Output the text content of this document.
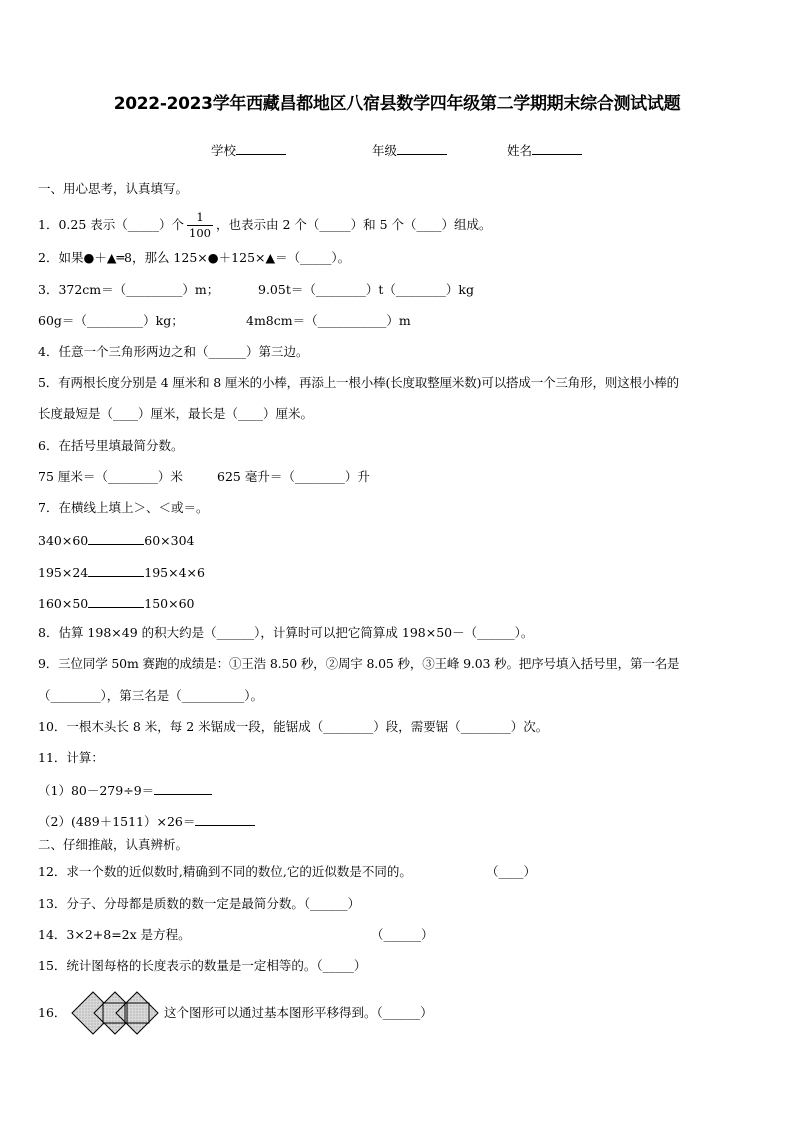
2022-2023学年西藏昌都地区八宿县数学四年级第二学期期末综合测试试题
学校	年级	姓名
一、用心思考，认真填写。
1．0.25 表示（_____）个 $\frac{1}{100}$ ，也表示由 2 个（_____）和 5 个（____）组成。
2．如果●＋▲═8，那么 125×●＋125×▲＝（_____）。
3．372cm＝（_________）m；	9.05t＝（________）t（________）kg
60g＝（_________）kg；	4m8cm＝（___________）m
4．任意一个三角形两边之和（______）第三边。
5．有两根长度分别是 4 厘米和 8 厘米的小棒，再添上一根小棒(长度取整厘米数)可以搭成一个三角形，则这根小棒的
长度最短是（____）厘米，最长是（____）厘米。
6．在括号里填最简分数。
75 厘米＝（________）米	625 毫升＝（________）升
7．在横线上填上＞、＜或＝。
340×60	60×304
195×24	195×4×6
160×50	150×60
8．估算 198×49 的积大约是（______），计算时可以把它简算成 198×50－（______）。
9．三位同学 50m 赛跑的成绩是：①王浩 8.50 秒，②周宇 8.05 秒，③王峰 9.03 秒。把序号填入括号里，第一名是
（________），第三名是（__________）。
10．一根木头长 8 米，每 2 米锯成一段，能锯成（________）段，需要锯（________）次。
11．计算：
（1）80－279÷9＝
（2）(489＋1511）×26＝
二、仔细推敲，认真辨析。
12．求一个数的近似数时,精确到不同的数位,它的近似数是不同的。	（____）
13．分子、分母都是质数的数一定是最简分数。（______）
14．3×2+8=2x 是方程。	（______）
15．统计图每格的长度表示的数量是一定相等的。（_____）
16．	这个图形可以通过基本图形平移得到。（______）
